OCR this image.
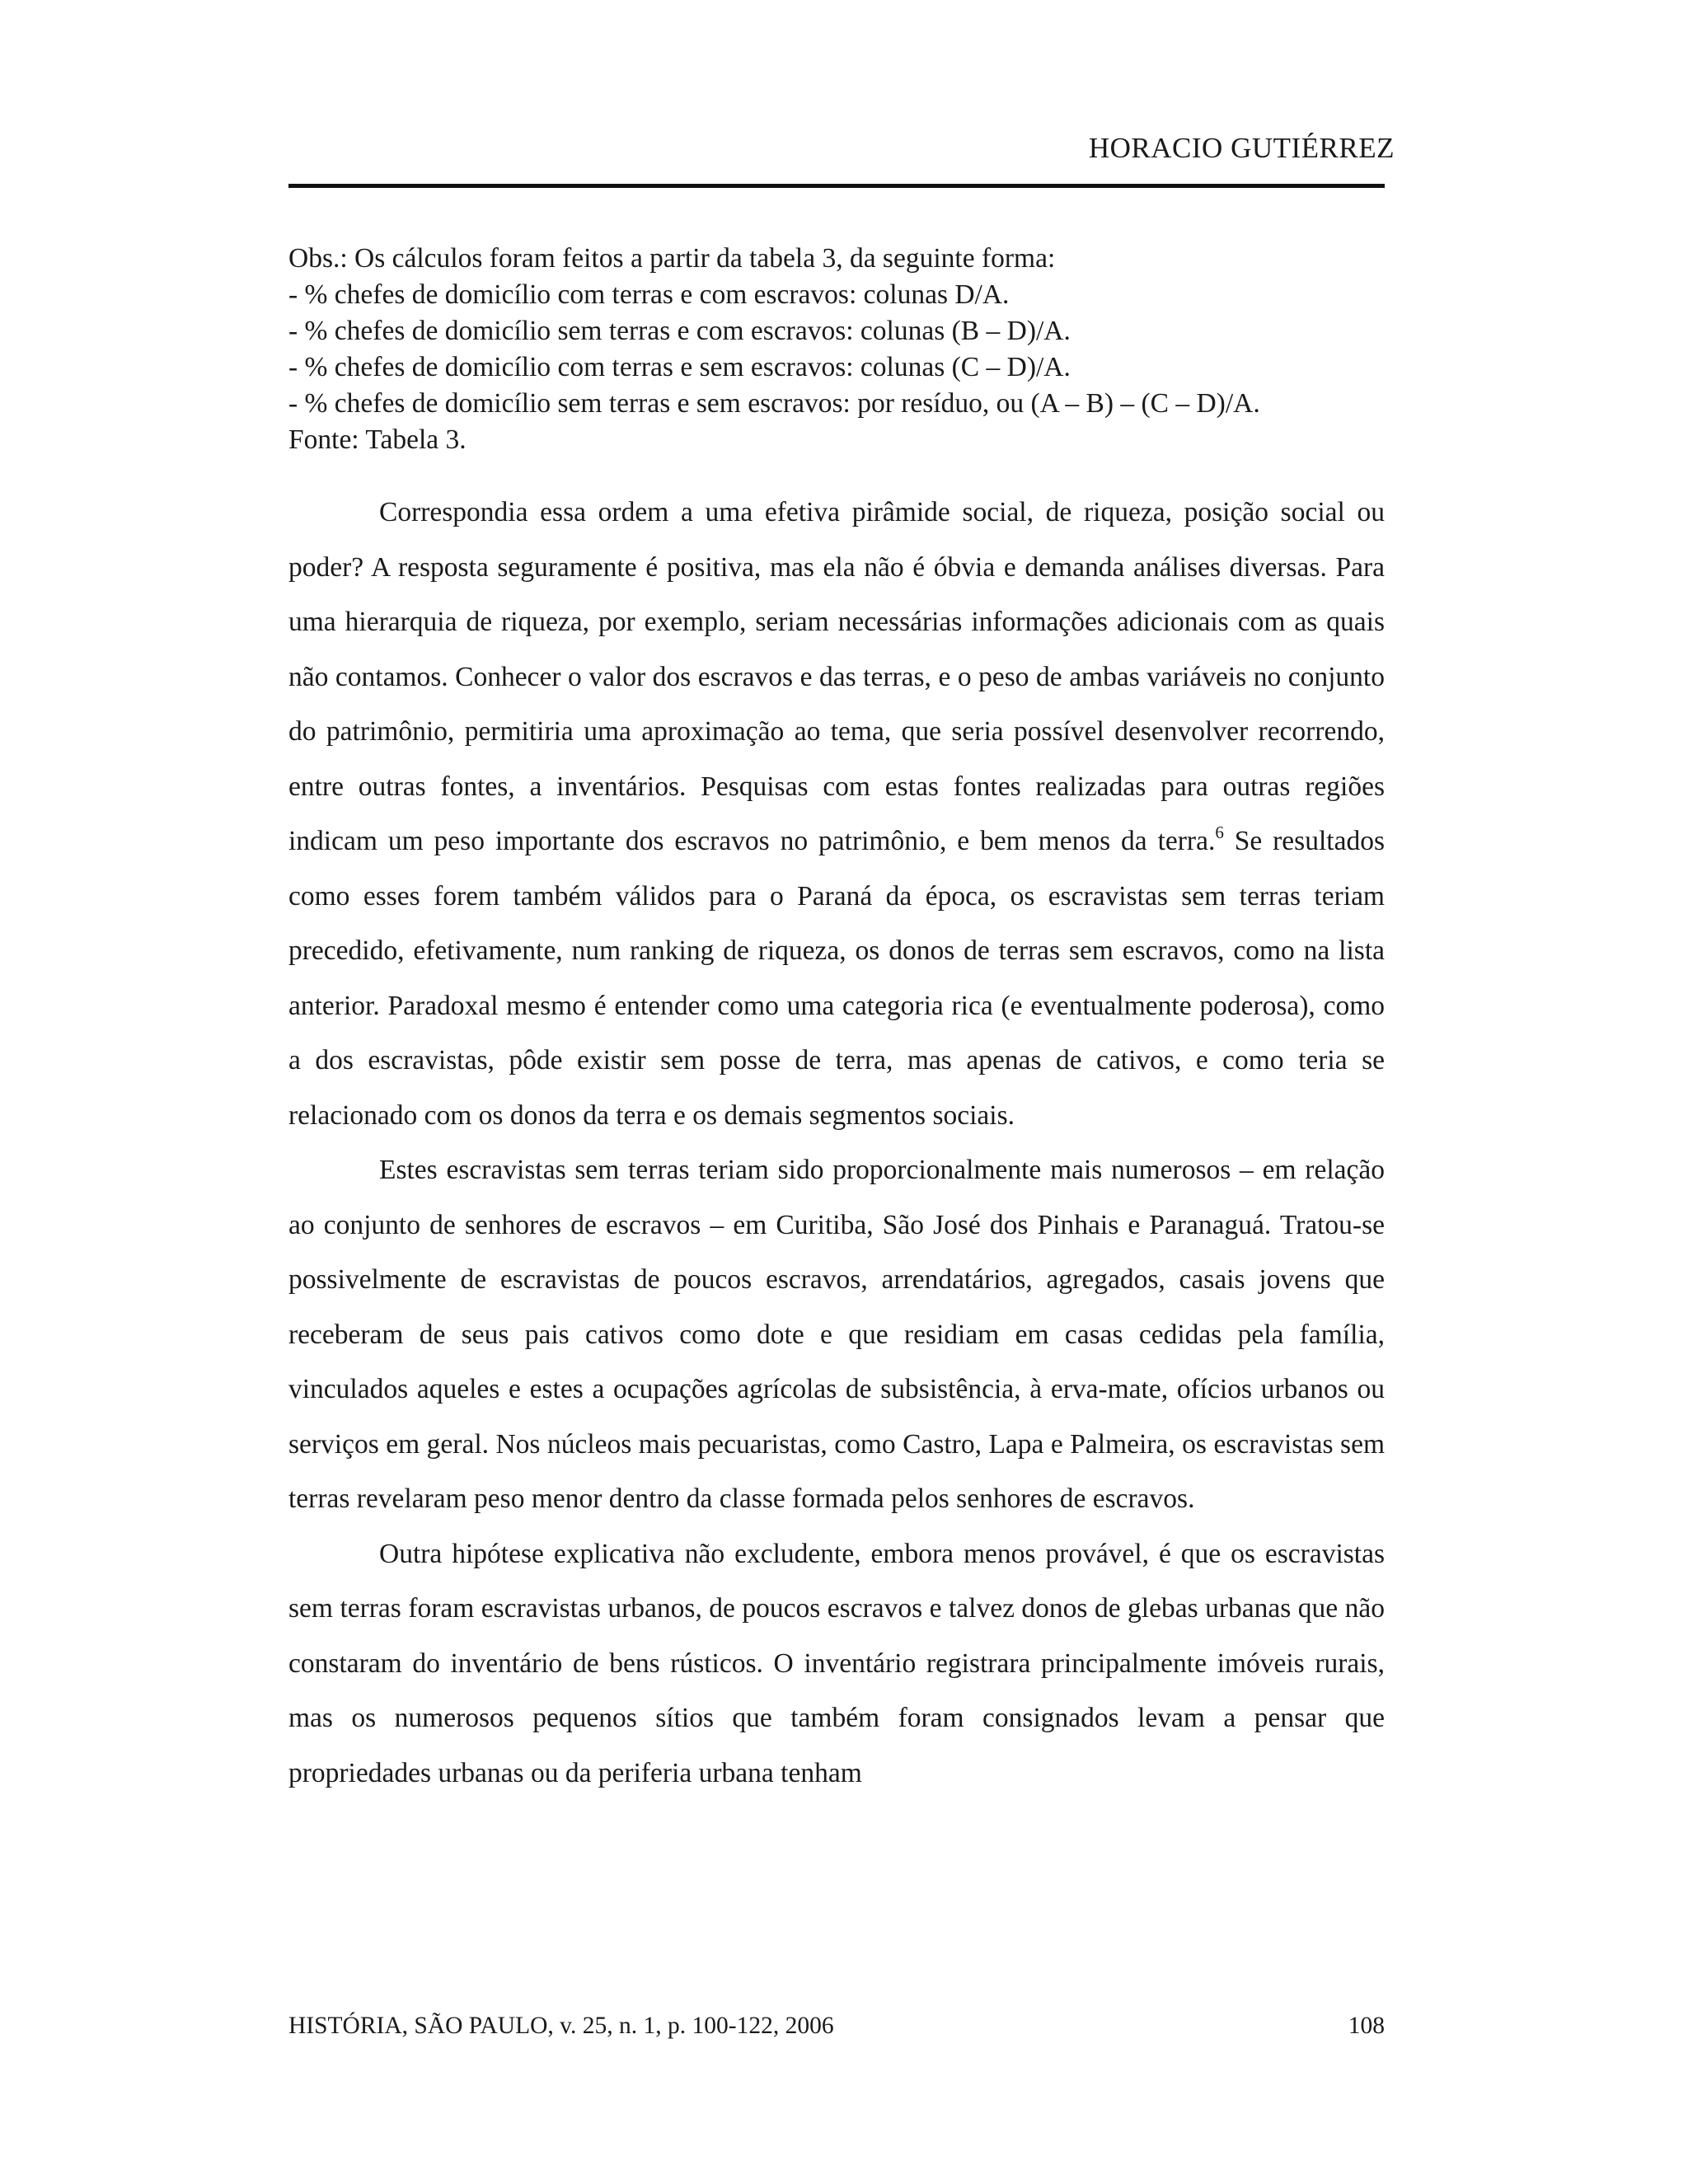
HORACIO GUTIÉRREZ
Obs.: Os cálculos foram feitos a partir da tabela 3, da seguinte forma:
- % chefes de domicílio com terras e com escravos: colunas D/A.
- % chefes de domicílio sem terras e com escravos: colunas (B – D)/A.
- % chefes de domicílio com terras e sem escravos: colunas (C – D)/A.
- % chefes de domicílio sem terras e sem escravos: por resíduo, ou (A – B) – (C – D)/A.
Fonte: Tabela 3.

Correspondia essa ordem a uma efetiva pirâmide social, de riqueza, posição social ou poder? A resposta seguramente é positiva, mas ela não é óbvia e demanda análises diversas. Para uma hierarquia de riqueza, por exemplo, seriam necessárias informações adicionais com as quais não contamos. Conhecer o valor dos escravos e das terras, e o peso de ambas variáveis no conjunto do patrimônio, permitiria uma aproximação ao tema, que seria possível desenvolver recorrendo, entre outras fontes, a inventários. Pesquisas com estas fontes realizadas para outras regiões indicam um peso importante dos escravos no patrimônio, e bem menos da terra.$^6$ Se resultados como esses forem também válidos para o Paraná da época, os escravistas sem terras teriam precedido, efetivamente, num ranking de riqueza, os donos de terras sem escravos, como na lista anterior. Paradoxal mesmo é entender como uma categoria rica (e eventualmente poderosa), como a dos escravistas, pôde existir sem posse de terra, mas apenas de cativos, e como teria se relacionado com os donos da terra e os demais segmentos sociais.

Estes escravistas sem terras teriam sido proporcionalmente mais numerosos – em relação ao conjunto de senhores de escravos – em Curitiba, São José dos Pinhais e Paranaguá. Tratou-se possivelmente de escravistas de poucos escravos, arrendatários, agregados, casais jovens que receberam de seus pais cativos como dote e que residiam em casas cedidas pela família, vinculados aqueles e estes a ocupações agrícolas de subsistência, à erva-mate, ofícios urbanos ou serviços em geral. Nos núcleos mais pecuaristas, como Castro, Lapa e Palmeira, os escravistas sem terras revelaram peso menor dentro da classe formada pelos senhores de escravos.

Outra hipótese explicativa não excludente, embora menos provável, é que os escravistas sem terras foram escravistas urbanos, de poucos escravos e talvez donos de glebas urbanas que não constaram do inventário de bens rústicos. O inventário registrara principalmente imóveis rurais, mas os numerosos pequenos sítios que também foram consignados levam a pensar que propriedades urbanas ou da periferia urbana tenham

HISTÓRIA, SÃO PAULO, v. 25, n. 1, p. 100-122, 2006	108
